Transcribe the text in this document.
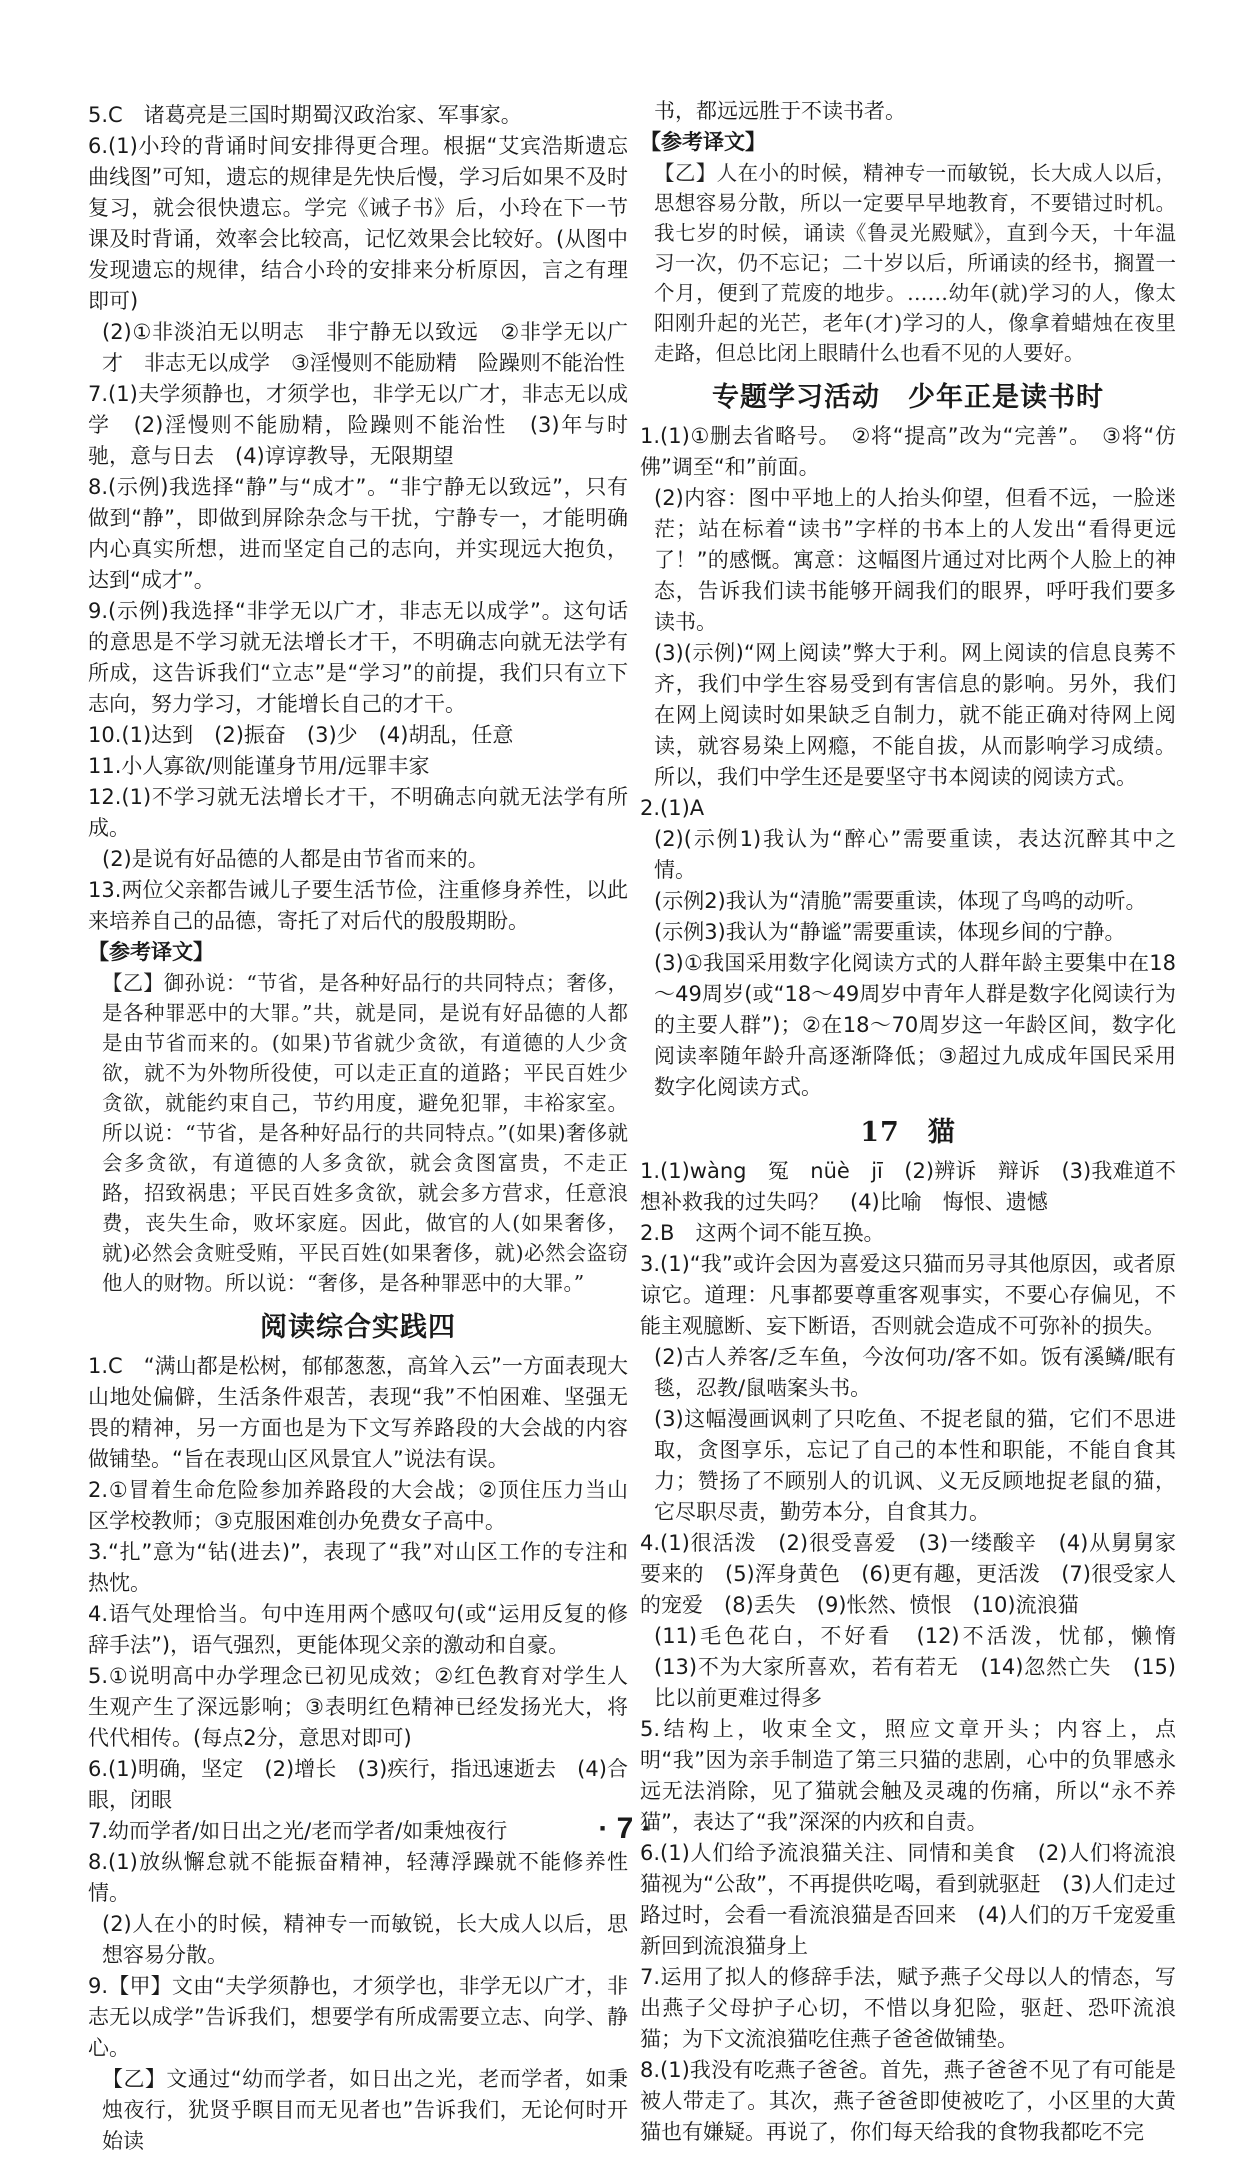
5.C　诸葛亮是三国时期蜀汉政治家、军事家。

6.(1)小玲的背诵时间安排得更合理。根据“艾宾浩斯遗忘曲线图”可知，遗忘的规律是先快后慢，学习后如果不及时复习，就会很快遗忘。学完《诫子书》后，小玲在下一节课及时背诵，效率会比较高，记忆效果会比较好。(从图中发现遗忘的规律，结合小玲的安排来分析原因，言之有理即可)

(2)①非淡泊无以明志　非宁静无以致远　②非学无以广才　非志无以成学　③淫慢则不能励精　险躁则不能治性

7.(1)夫学须静也，才须学也，非学无以广才，非志无以成学　(2)淫慢则不能励精，险躁则不能治性　(3)年与时驰，意与日去　(4)谆谆教导，无限期望

8.(示例)我选择“静”与“成才”。“非宁静无以致远”，只有做到“静”，即做到屏除杂念与干扰，宁静专一，才能明确内心真实所想，进而坚定自己的志向，并实现远大抱负，达到“成才”。

9.(示例)我选择“非学无以广才，非志无以成学”。这句话的意思是不学习就无法增长才干，不明确志向就无法学有所成，这告诉我们“立志”是“学习”的前提，我们只有立下志向，努力学习，才能增长自己的才干。

10.(1)达到　(2)振奋　(3)少　(4)胡乱，任意

11.小人寡欲/则能谨身节用/远罪丰家

12.(1)不学习就无法增长才干，不明确志向就无法学有所成。

(2)是说有好品德的人都是由节省而来的。

13.两位父亲都告诫儿子要生活节俭，注重修身养性，以此来培养自己的品德，寄托了对后代的殷殷期盼。

【参考译文】

【乙】御孙说：“节省，是各种好品行的共同特点；奢侈，是各种罪恶中的大罪。”共，就是同，是说有好品德的人都是由节省而来的。(如果)节省就少贪欲，有道德的人少贪欲，就不为外物所役使，可以走正直的道路；平民百姓少贪欲，就能约束自己，节约用度，避免犯罪，丰裕家室。所以说：“节省，是各种好品行的共同特点。”(如果)奢侈就会多贪欲，有道德的人多贪欲，就会贪图富贵，不走正路，招致祸患；平民百姓多贪欲，就会多方营求，任意浪费，丧失生命，败坏家庭。因此，做官的人(如果奢侈，就)必然会贪赃受贿，平民百姓(如果奢侈，就)必然会盗窃他人的财物。所以说：“奢侈，是各种罪恶中的大罪。”

阅读综合实践四

1.C　“满山都是松树，郁郁葱葱，高耸入云”一方面表现大山地处偏僻，生活条件艰苦，表现“我”不怕困难、坚强无畏的精神，另一方面也是为下文写养路段的大会战的内容做铺垫。“旨在表现山区风景宜人”说法有误。

2.①冒着生命危险参加养路段的大会战；②顶住压力当山区学校教师；③克服困难创办免费女子高中。

3.“扎”意为“钻(进去)”，表现了“我”对山区工作的专注和热忱。

4.语气处理恰当。句中连用两个感叹句(或“运用反复的修辞手法”)，语气强烈，更能体现父亲的激动和自豪。

5.①说明高中办学理念已初见成效；②红色教育对学生人生观产生了深远影响；③表明红色精神已经发扬光大，将代代相传。(每点2分，意思对即可)

6.(1)明确，坚定　(2)增长　(3)疾行，指迅速逝去　(4)合眼，闭眼

7.幼而学者/如日出之光/老而学者/如秉烛夜行

8.(1)放纵懈怠就不能振奋精神，轻薄浮躁就不能修养性情。

(2)人在小的时候，精神专一而敏锐，长大成人以后，思想容易分散。

9.【甲】文由“夫学须静也，才须学也，非学无以广才，非志无以成学”告诉我们，想要学有所成需要立志、向学、静心。

【乙】文通过“幼而学者，如日出之光，老而学者，如秉烛夜行，犹贤乎瞑目而无见者也”告诉我们，无论何时开始读

书，都远远胜于不读书者。

【参考译文】

【乙】人在小的时候，精神专一而敏锐，长大成人以后，思想容易分散，所以一定要早早地教育，不要错过时机。我七岁的时候，诵读《鲁灵光殿赋》，直到今天，十年温习一次，仍不忘记；二十岁以后，所诵读的经书，搁置一个月，便到了荒废的地步。……幼年(就)学习的人，像太阳刚升起的光芒，老年(才)学习的人，像拿着蜡烛在夜里走路，但总比闭上眼睛什么也看不见的人要好。

专题学习活动　少年正是读书时

1.(1)①删去省略号。　②将“提高”改为“完善”。　③将“仿佛”调至“和”前面。

(2)内容：图中平地上的人抬头仰望，但看不远，一脸迷茫；站在标着“读书”字样的书本上的人发出“看得更远了！”的感慨。寓意：这幅图片通过对比两个人脸上的神态，告诉我们读书能够开阔我们的眼界，呼吁我们要多读书。

(3)(示例)“网上阅读”弊大于利。网上阅读的信息良莠不齐，我们中学生容易受到有害信息的影响。另外，我们在网上阅读时如果缺乏自制力，就不能正确对待网上阅读，就容易染上网瘾，不能自拔，从而影响学习成绩。所以，我们中学生还是要坚守书本阅读的阅读方式。

2.(1)A

(2)(示例1)我认为“醉心”需要重读，表达沉醉其中之情。

(示例2)我认为“清脆”需要重读，体现了鸟鸣的动听。

(示例3)我认为“静谧”需要重读，体现乡间的宁静。

(3)①我国采用数字化阅读方式的人群年龄主要集中在18～49周岁(或“18～49周岁中青年人群是数字化阅读行为的主要人群”)；②在18～70周岁这一年龄区间，数字化阅读率随年龄升高逐渐降低；③超过九成成年国民采用数字化阅读方式。

17　猫

1.(1)wàng　冤　nüè　jī　(2)辨诉　辩诉　(3)我难道不想补救我的过失吗？　(4)比喻　悔恨、遗憾

2.B　这两个词不能互换。

3.(1)“我”或许会因为喜爱这只猫而另寻其他原因，或者原谅它。道理：凡事都要尊重客观事实，不要心存偏见，不能主观臆断、妄下断语，否则就会造成不可弥补的损失。

(2)古人养客/乏车鱼，今汝何功/客不如。饭有溪鳞/眠有毯，忍教/鼠啮案头书。

(3)这幅漫画讽刺了只吃鱼、不捉老鼠的猫，它们不思进取，贪图享乐，忘记了自己的本性和职能，不能自食其力；赞扬了不顾别人的讥讽、义无反顾地捉老鼠的猫，它尽职尽责，勤劳本分，自食其力。

4.(1)很活泼　(2)很受喜爱　(3)一缕酸辛　(4)从舅舅家要来的　(5)浑身黄色　(6)更有趣，更活泼　(7)很受家人的宠爱　(8)丢失　(9)怅然、愤恨　(10)流浪猫

(11)毛色花白，不好看　(12)不活泼，忧郁，懒惰　(13)不为大家所喜欢，若有若无　(14)忽然亡失　(15)比以前更难过得多

5.结构上，收束全文，照应文章开头；内容上，点明“我”因为亲手制造了第三只猫的悲剧，心中的负罪感永远无法消除，见了猫就会触及灵魂的伤痛，所以“永不养猫”，表达了“我”深深的内疚和自责。

6.(1)人们给予流浪猫关注、同情和美食　(2)人们将流浪猫视为“公敌”，不再提供吃喝，看到就驱赶　(3)人们走过路过时，会看一看流浪猫是否回来　(4)人们的万千宠爱重新回到流浪猫身上

7.运用了拟人的修辞手法，赋予燕子父母以人的情态，写出燕子父母护子心切，不惜以身犯险，驱赶、恐吓流浪猫；为下文流浪猫吃住燕子爸爸做铺垫。

8.(1)我没有吃燕子爸爸。首先，燕子爸爸不见了有可能是被人带走了。其次，燕子爸爸即使被吃了，小区里的大黄猫也有嫌疑。再说了，你们每天给我的食物我都吃不完

· 7 ·
